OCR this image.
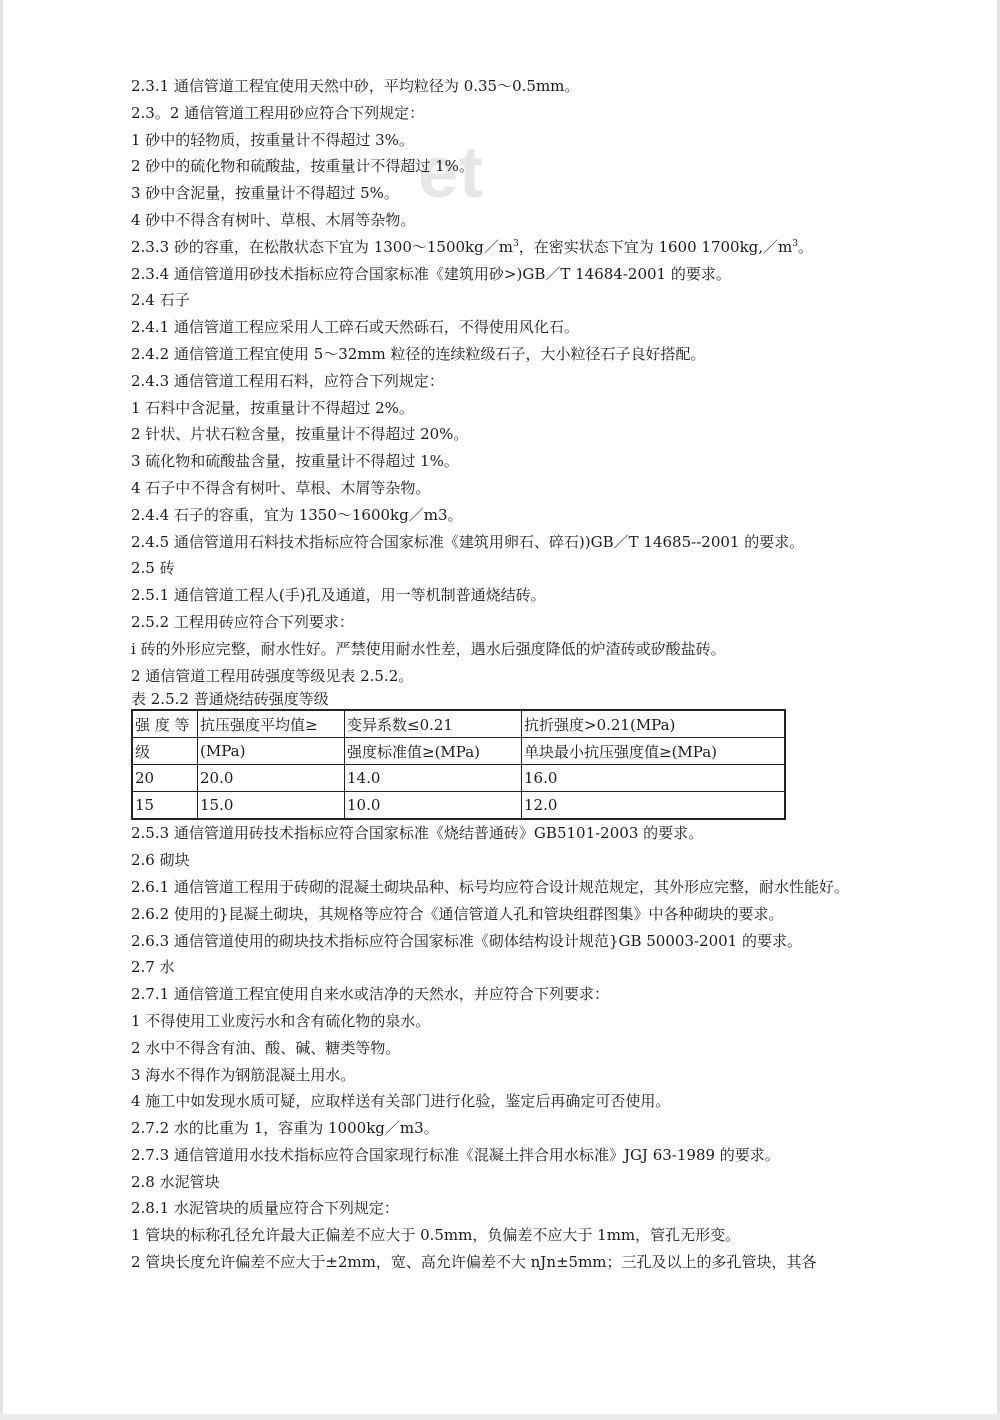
et
2.3.1 通信管道工程宜使用天然中砂，平均粒径为 0.35～0.5mm。
2.3。2 通信管道工程用砂应符合下列规定：
1 砂中的轻物质，按重量计不得超过 3%。
2 砂中的硫化物和硫酸盐，按重量计不得超过 1%。
3 砂中含泥量，按重量计不得超过 5%。
4 砂中不得含有树叶、草根、木屑等杂物。
2.3.3 砂的容重，在松散状态下宜为 $1300\sim 1500kg/m^3$，在密实状态下宜为 1600 $1700kg,/m^3$。
2.3.4 通信管道用砂技术指标应符合国家标准《建筑用砂>)GB／T 14684-2001 的要求。
2.4 石子
2.4.1 通信管道工程应采用人工碎石或天然砾石，不得使用风化石。
2.4.2 通信管道工程宜使用 5～32mm 粒径的连续粒级石子，大小粒径石子良好搭配。
2.4.3 通信管道工程用石料，应符合下列规定：
1 石料中含泥量，按重量计不得超过 2%。
2 针状、片状石粒含量，按重量计不得超过 20%。
3 硫化物和硫酸盐含量，按重量计不得超过 1%。
4 石子中不得含有树叶、草根、木屑等杂物。
2.4.4 石子的容重，宜为 1350～1600kg／m3。
2.4.5 通信管道用石料技术指标应符合国家标准《建筑用卵石、碎石))GB／T 14685--2001 的要求。
2.5 砖
2.5.1 通信管道工程人(手)孔及通道，用一等机制普通烧结砖。
2.5.2 工程用砖应符合下列要求：
i 砖的外形应完整，耐水性好。严禁使用耐水性差，遇水后强度降低的炉渣砖或矽酸盐砖。
2 通信管道工程用砖强度等级见表 2.5.2。
表 2.5.2 普通烧结砖强度等级
强 度 等	抗压强度平均值≥	变异系数≤0.21	抗折强度>0.21(MPa)
级	(MPa)	强度标准值≥(MPa)	单块最小抗压强度值≥(MPa)
20	20.0	14.0	16.0
15	15.0	10.0	12.0
2.5.3 通信管道用砖技术指标应符合国家标准《烧结普通砖》GB5101-2003 的要求。
2.6 砌块
2.6.1 通信管道工程用于砖砌的混凝土砌块品种、标号均应符合设计规范规定，其外形应完整，耐水性能好。
2.6.2 使用的}昆凝土砌块，其规格等应符合《通信管道人孔和管块组群图集》中各种砌块的要求。
2.6.3 通信管道使用的砌块技术指标应符合国家标准《砌体结构设计规范}GB 50003-2001 的要求。
2.7 水
2.7.1 通信管道工程宜使用自来水或洁净的天然水，并应符合下列要求：
1 不得使用工业废污水和含有硫化物的泉水。
2 水中不得含有油、酸、碱、糖类等物。
3 海水不得作为钢筋混凝土用水。
4 施工中如发现水质可疑，应取样送有关部门进行化验，鉴定后再确定可否使用。
2.7.2 水的比重为 1，容重为 1000kg／m3。
2.7.3 通信管道用水技术指标应符合国家现行标准《混凝土拌合用水标准》JGJ 63-1989 的要求。
2.8 水泥管块
2.8.1 水泥管块的质量应符合下列规定：
1 管块的标称孔径允许最大正偏差不应大于 0.5mm，负偏差不应大于 1mm，管孔无形变。
2 管块长度允许偏差不应大于±2mm，宽、高允许偏差不大 nJn±5mm；三孔及以上的多孔管块，其各
